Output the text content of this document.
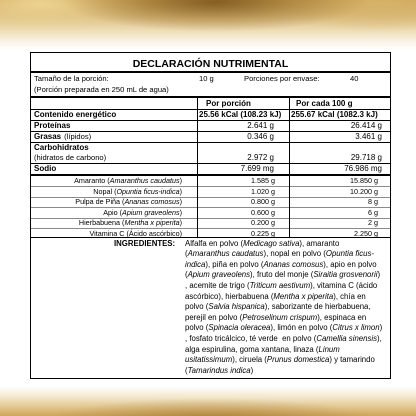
DECLARACIÓN NUTRIMENTAL
Tamaño de la porción:	10 g	Porciones por envase:	40
(Porción preparada en 250 mL de agua)
Por porción	Por cada 100 g
Contenido energético	25.56 kCal (108.23 kJ) 255.67 kCal (1082.3 kJ)
Proteínas	2.641 g	26.414 g
Grasas (lípidos)	0.346 g	3.461 g
Carbohidratos
(hidratos de carbono)	2.972 g	29.718 g
Sodio	7.699 mg	76.986 mg
Amaranto (Amaranthus caudatus)	1.585 g	15.850 g
Nopal (Opuntia ficus-indica)	1.020 g	10.200 g
Pulpa de Piña (Ananas comosus)	0.800 g	8 g
Apio (Apium graveolens)	0.600 g	6 g
Hierbabuena (Mentha x piperita)	0.200 g	2 g
Vitamina C (Ácido ascórbico)	0.225 g	2.250 g
INGREDIENTES: Alfalfa en polvo (Medicago sativa), amaranto
(Amaranthus caudatus), nopal en polvo (Opuntia ficus-
indica), piña en polvo (Ananas comosus), apio en polvo
(Apium graveolens), fruto del monje (Siraitia grosvenorii)
, acemite de trigo (Triticum aestivum), vitamina C (ácido
ascórbico), hierbabuena (Mentha x piperita), chía en
polvo (Salvia hispanica), saborizante de hierbabuena,
perejil en polvo (Petroselinum crispum), espinaca en
polvo (Spinacia oleracea), limón en polvo (Citrus x limon)
, fosfato tricálcico, té verde  en polvo (Camellia sinensis),
alga espirulina, goma xantana, linaza (Linum
usitatissimum), ciruela (Prunus domestica) y tamarindo
(Tamarindus indica)
